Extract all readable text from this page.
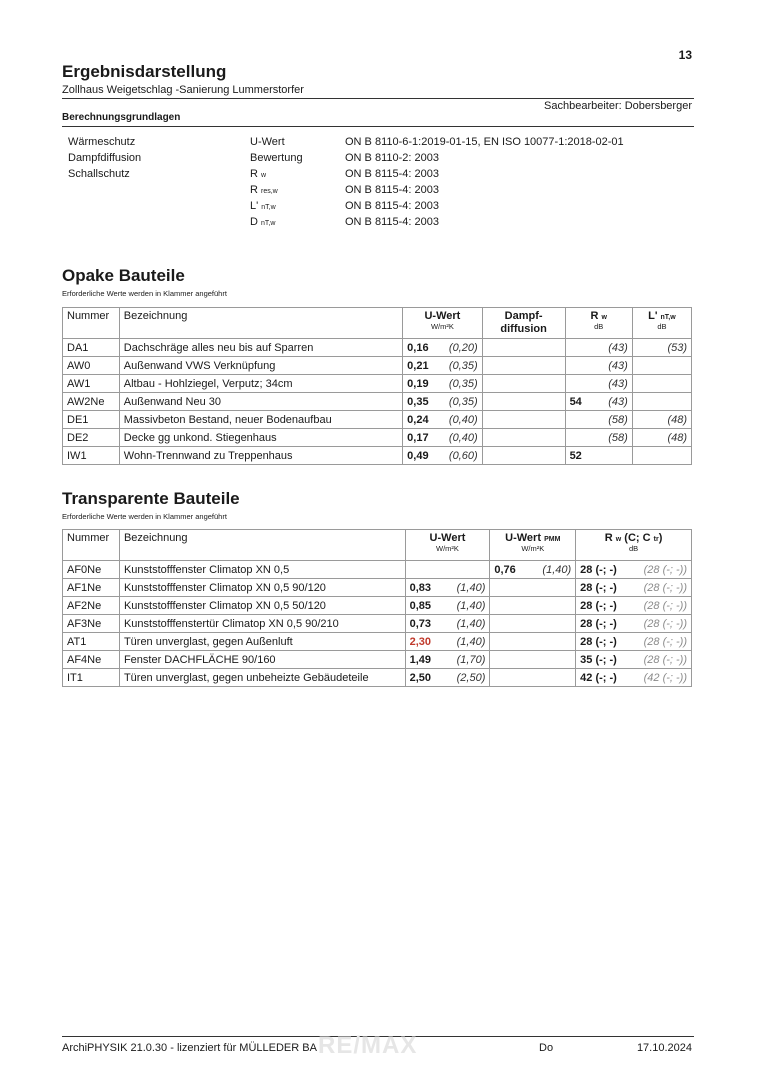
13
Ergebnisdarstellung
Zollhaus Weigetschlag -Sanierung Lummerstorfer
Sachbearbeiter: Dobersberger
Berechnungsgrundlagen
Wärmeschutz	U-Wert	ON B 8110-6-1:2019-01-15, EN ISO 10077-1:2018-02-01
Dampfdiffusion	Bewertung	ON B 8110-2: 2003
Schallschutz	R w	ON B 8115-4: 2003
R res,w	ON B 8115-4: 2003
L' nT,w	ON B 8115-4: 2003
D nT,w	ON B 8115-4: 2003
Opake Bauteile
Erforderliche Werte werden in Klammer angeführt
Nummer	Bezeichnung	U-Wert
W/m²K		Dampf-diffusion	R w
dB		L' nT,w
dB

DA1	Dachschräge alles neu bis auf Sparren	0,16	(0,20)			(43)	(53)
AW0	Außenwand VWS Verknüpfung	0,21	(0,35)			(43)	
AW1	Altbau - Hohlziegel, Verputz; 34cm	0,19	(0,35)			(43)	
AW2Ne	Außenwand Neu 30	0,35	(0,35)		54	(43)	
DE1	Massivbeton Bestand, neuer Bodenaufbau	0,24	(0,40)			(58)	(48)
DE2	Decke gg unkond. Stiegenhaus	0,17	(0,40)			(58)	(48)
IW1	Wohn-Trennwand zu Treppenhaus	0,49	(0,60)		52		
Transparente Bauteile
Erforderliche Werte werden in Klammer angeführt
Nummer	Bezeichnung	U-Wert
W/m²K		U-Wert PMM
W/m²K		R w (C; C tr)
dB	

AF0Ne	Kunststofffenster Climatop XN 0,5			0,76	(1,40)	28 (-; -)	(28 (-; -))
AF1Ne	Kunststofffenster Climatop XN 0,5 90/120	0,83	(1,40)			28 (-; -)	(28 (-; -))
AF2Ne	Kunststofffenster Climatop XN 0,5 50/120	0,85	(1,40)			28 (-; -)	(28 (-; -))
AF3Ne	Kunststofffenstertür Climatop XN 0,5 90/210	0,73	(1,40)			28 (-; -)	(28 (-; -))
AT1	Türen unverglast, gegen Außenluft	2,30	(1,40)			28 (-; -)	(28 (-; -))
AF4Ne	Fenster DACHFLÄCHE 90/160	1,49	(1,70)			35 (-; -)	(28 (-; -))
IT1	Türen unverglast, gegen unbeheizte Gebäudeteile	2,50	(2,50)			42 (-; -)	(42 (-; -))
RE/MAX
ArchiPHYSIK 21.0.30 - lizenziert für MÜLLEDER BA	Do	17.10.2024
